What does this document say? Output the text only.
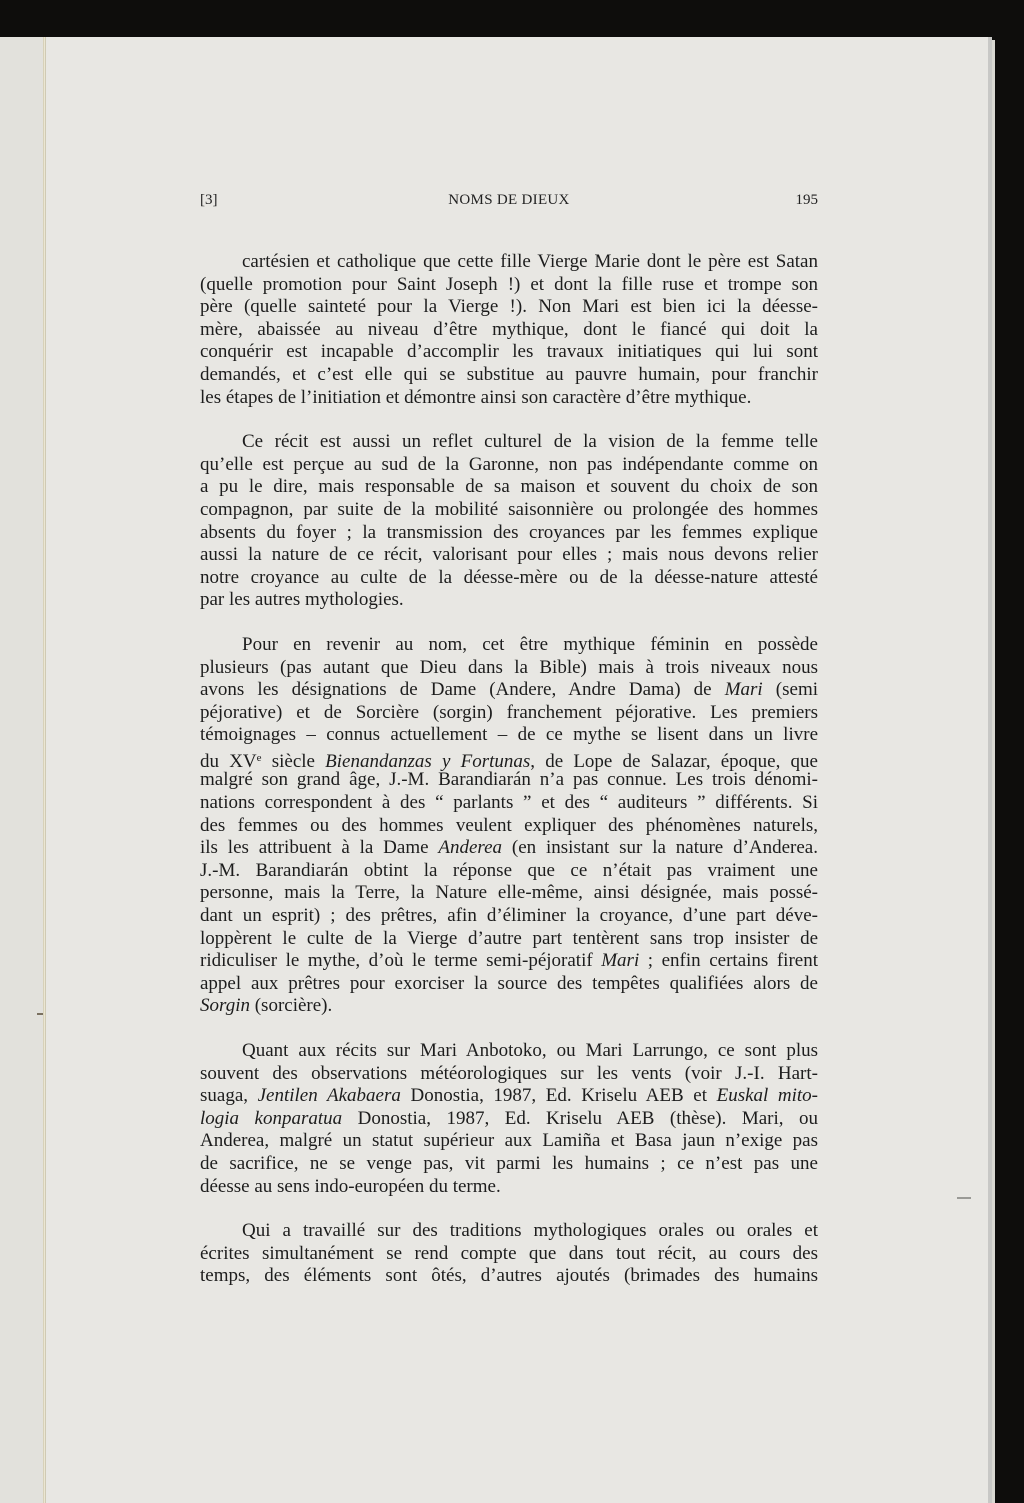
[3]	NOMS DE DIEUX	195
cartésien et catholique que cette fille Vierge Marie dont le père est Satan
(quelle promotion pour Saint Joseph !) et dont la fille ruse et trompe son
père (quelle sainteté pour la Vierge !). Non Mari est bien ici la déesse-
mère, abaissée au niveau d’être mythique, dont le fiancé qui doit la
conquérir est incapable d’accomplir les travaux initiatiques qui lui sont
demandés, et c’est elle qui se substitue au pauvre humain, pour franchir
les étapes de l’initiation et démontre ainsi son caractère d’être mythique.
Ce récit est aussi un reflet culturel de la vision de la femme telle
qu’elle est perçue au sud de la Garonne, non pas indépendante comme on
a pu le dire, mais responsable de sa maison et souvent du choix de son
compagnon, par suite de la mobilité saisonnière ou prolongée des hommes
absents du foyer ; la transmission des croyances par les femmes explique
aussi la nature de ce récit, valorisant pour elles ; mais nous devons relier
notre croyance au culte de la déesse-mère ou de la déesse-nature attesté
par les autres mythologies.
Pour en revenir au nom, cet être mythique féminin en possède
plusieurs (pas autant que Dieu dans la Bible) mais à trois niveaux nous
avons les désignations de Dame (Andere, Andre Dama) de Mari (semi
péjorative) et de Sorcière (sorgin) franchement péjorative. Les premiers
témoignages – connus actuellement – de ce mythe se lisent dans un livre
du XVe siècle Bienandanzas y Fortunas, de Lope de Salazar, époque, que
malgré son grand âge, J.-M. Barandiarán n’a pas connue. Les trois dénomi-
nations correspondent à des “ parlants ” et des “ auditeurs ” différents. Si
des femmes ou des hommes veulent expliquer des phénomènes naturels,
ils les attribuent à la Dame Anderea (en insistant sur la nature d’Anderea.
J.-M. Barandiarán obtint la réponse que ce n’était pas vraiment une
personne, mais la Terre, la Nature elle-même, ainsi désignée, mais possé-
dant un esprit) ; des prêtres, afin d’éliminer la croyance, d’une part déve-
loppèrent le culte de la Vierge d’autre part tentèrent sans trop insister de
ridiculiser le mythe, d’où le terme semi-péjoratif Mari ; enfin certains firent
appel aux prêtres pour exorciser la source des tempêtes qualifiées alors de
Sorgin (sorcière).
Quant aux récits sur Mari Anbotoko, ou Mari Larrungo, ce sont plus
souvent des observations météorologiques sur les vents (voir J.-I. Hart-
suaga, Jentilen Akabaera Donostia, 1987, Ed. Kriselu AEB et Euskal mito-
logia konparatua Donostia, 1987, Ed. Kriselu AEB (thèse). Mari, ou
Anderea, malgré un statut supérieur aux Lamiña et Basa jaun n’exige pas
de sacrifice, ne se venge pas, vit parmi les humains ; ce n’est pas une
déesse au sens indo-européen du terme.
Qui a travaillé sur des traditions mythologiques orales ou orales et
écrites simultanément se rend compte que dans tout récit, au cours des
temps, des éléments sont ôtés, d’autres ajoutés (brimades des humains
